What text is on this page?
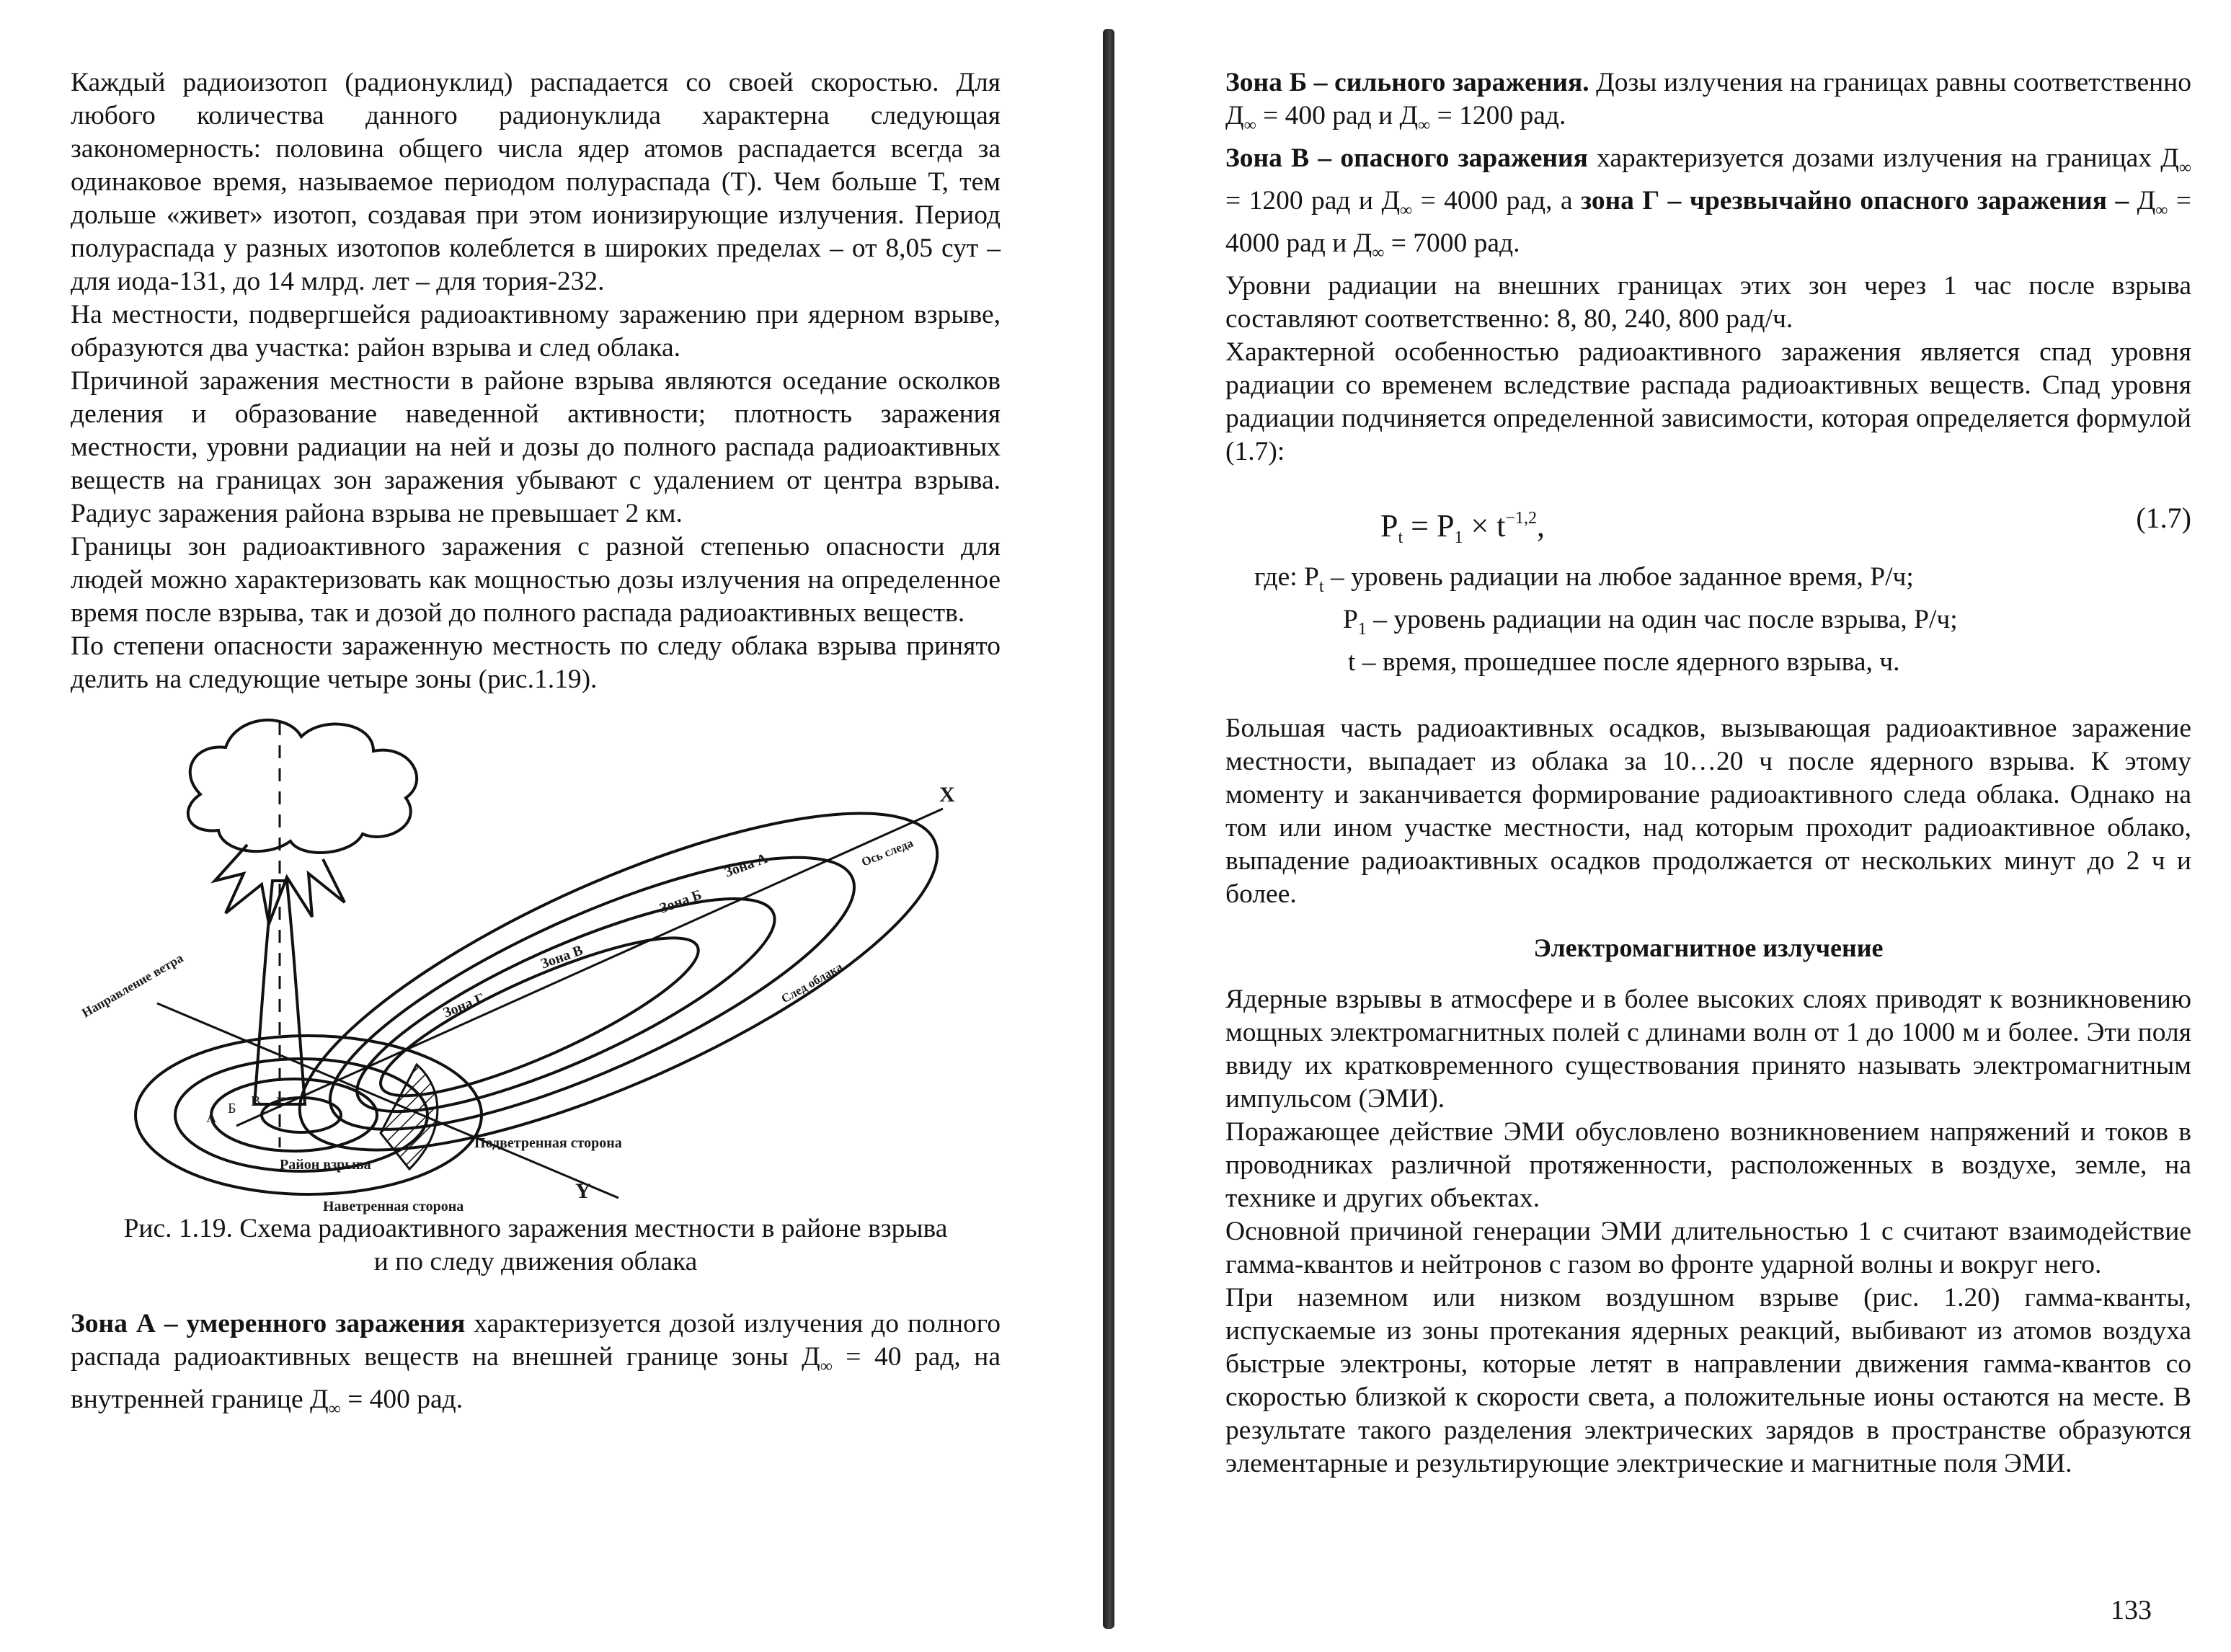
Каждый радиоизотоп (радионуклид) распадается со своей скоростью. Для любого количества данного радионуклида характерна следующая закономерность: половина общего числа ядер атомов распадается всегда за одинаковое время, называемое периодом полураспада (Т). Чем больше Т, тем дольше «живет» изотоп, создавая при этом ионизирующие излучения. Период полураспада у разных изотопов колеблется в широких пределах – от 8,05 сут –для иода-131, до 14 млрд. лет – для тория-232.

На местности, подвергшейся радиоактивному заражению при ядерном взрыве, образуются два участка: район взрыва и след облака.

Причиной заражения местности в районе взрыва являются оседание осколков деления и образование наведенной активности; плотность заражения местности, уровни радиации на ней и дозы до полного распада радиоактивных веществ на границах зон заражения убывают с удалением от центра взрыва. Радиус заражения района взрыва не превышает 2 км.

Границы зон радиоактивного заражения с разной степенью опасности для людей можно характеризовать как мощностью дозы излучения на определенное время после взрыва, так и дозой до полного распада радиоактивных веществ.

По степени опасности зараженную местность по следу облака взрыва принято делить на следующие четыре зоны (рис.1.19).

X
Y
Зона А
Зона Б
Зона В
Зона Г
Ось следа
След облака
Направление ветра
Подветренная сторона
Район взрыва
Наветренная сторона
А
Б В Г

Рис. 1.19. Схема радиоактивного заражения местности в районе взрыва

и по следу движения облака

Зона А – умеренного заражения характеризуется дозой излучения до полного распада радиоактивных веществ на внешней границе зоны $Д_\infty = 40$ рад, на внутренней границе $Д_\infty = 400$ рад.

Зона Б – сильного заражения. Дозы излучения на границах равны соответственно $Д_\infty = 400$ рад и $Д_\infty = 1200$ рад.

Зона В – опасного заражения характеризуется дозами излучения на границах $Д_\infty = 1200$ рад и $Д_\infty = 4000$ рад, а зона Г – чрезвычайно опасного заражения – $Д_\infty = 4000$ рад и $Д_\infty = 7000$ рад.

Уровни радиации на внешних границах этих зон через 1 час после взрыва составляют соответственно: 8, 80, 240, 800 рад/ч.

Характерной особенностью радиоактивного заражения является спад уровня радиации со временем вследствие распада радиоактивных веществ. Спад уровня радиации подчиняется определенной зависимости, которая определяется формулой (1.7):

$P_t = P_1 \times t^{-1,2}$,	(1.7)

где: $P_t$ – уровень радиации на любое заданное время, Р/ч;

$P_1$ – уровень радиации на один час после взрыва, Р/ч;

t – время, прошедшее после ядерного взрыва, ч.

Большая часть радиоактивных осадков, вызывающая радиоактивное заражение местности, выпадает из облака за 10…20 ч после ядерного взрыва. К этому моменту и заканчивается формирование радиоактивного следа облака. Однако на том или ином участке местности, над которым проходит радиоактивное облако, выпадение радиоактивных осадков продолжается от нескольких минут до 2 ч и более.

Электромагнитное излучение

Ядерные взрывы в атмосфере и в более высоких слоях приводят к возникновению мощных электромагнитных полей с длинами волн от 1 до 1000 м и более. Эти поля ввиду их кратковременного существования принято называть электромагнитным импульсом (ЭМИ).

Поражающее действие ЭМИ обусловлено возникновением напряжений и токов в проводниках различной протяженности, расположенных в воздухе, земле, на технике и других объектах.

Основной причиной генерации ЭМИ длительностью 1 с считают взаимодействие гамма-квантов и нейтронов с газом во фронте ударной волны и вокруг него.

При наземном или низком воздушном взрыве (рис. 1.20) гамма-кванты, испускаемые из зоны протекания ядерных реакций, выбивают из атомов воздуха быстрые электроны, которые летят в направлении движения гамма-квантов со скоростью близкой к скорости света, а положительные ионы остаются на месте. В результате такого разделения электрических зарядов в пространстве образуются элементарные и результирующие электрические и магнитные поля ЭМИ.

133
